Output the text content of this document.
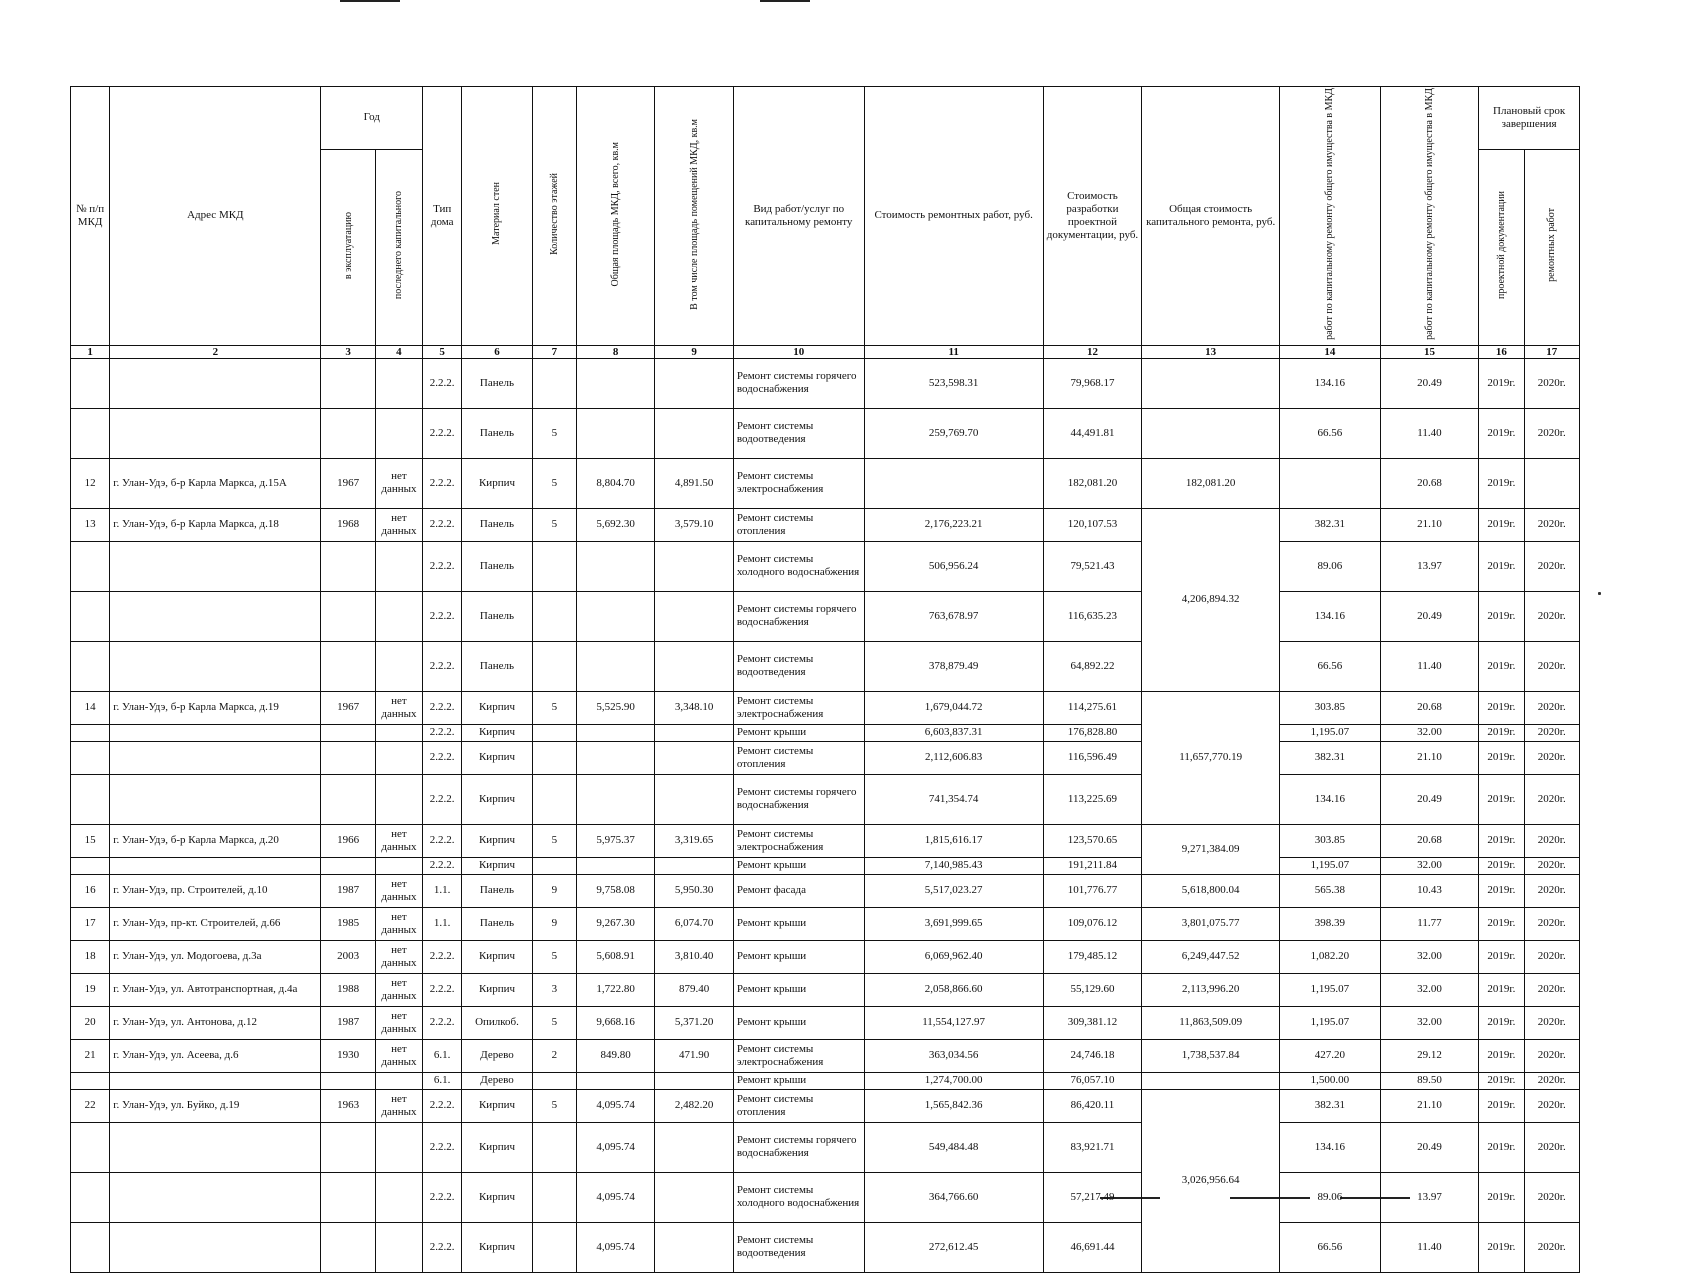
№ п/п МКД	Адрес МКД	Год		Тип дома	Материал стен	Количество этажей	Общая площадь МКД, всего, кв.м	В том числе площадь помещений МКД, кв.м	Вид работ/услуг по капитальному ремонту	Стоимость ремонтных работ, руб.	Стоимость разработки проектной документации, руб.	Общая стоимость капитального ремонта, руб.	работ по капитальному ремонту общего имущества в МКД	работ по капитальному ремонту общего имущества в МКД	Плановый срок завершения	
		в эксплуатацию	последнего капитального												проектной документации	ремонтных работ
1	2	3	4	5	6	7	8	9	10	11	12	13	14	15	16	17
				2.2.2.	Панель				Ремонт системы горячего водоснабжения	523,598.31	79,968.17		134.16	20.49	2019г.	2020г.
				2.2.2.	Панель	5			Ремонт системы водоотведения	259,769.70	44,491.81		66.56	11.40	2019г.	2020г.
12	г. Улан-Удэ, б-р Карла Маркса, д.15А	1967	нет данных	2.2.2.	Кирпич	5	8,804.70	4,891.50	Ремонт системы электроснабжения		182,081.20	182,081.20		20.68	2019г.	
13	г. Улан-Удэ, б-р Карла Маркса, д.18	1968	нет данных	2.2.2.	Панель	5	5,692.30	3,579.10	Ремонт системы отопления	2,176,223.21	120,107.53	4,206,894.32	382.31	21.10	2019г.	2020г.
				2.2.2.	Панель				Ремонт системы холодного водоснабжения	506,956.24	79,521.43		89.06	13.97	2019г.	2020г.
				2.2.2.	Панель				Ремонт системы горячего водоснабжения	763,678.97	116,635.23		134.16	20.49	2019г.	2020г.
				2.2.2.	Панель				Ремонт системы водоотведения	378,879.49	64,892.22		66.56	11.40	2019г.	2020г.
14	г. Улан-Удэ, б-р Карла Маркса, д.19	1967	нет данных	2.2.2.	Кирпич	5	5,525.90	3,348.10	Ремонт системы электроснабжения	1,679,044.72	114,275.61	11,657,770.19	303.85	20.68	2019г.	2020г.
				2.2.2.	Кирпич				Ремонт крыши	6,603,837.31	176,828.80		1,195.07	32.00	2019г.	2020г.
				2.2.2.	Кирпич				Ремонт системы отопления	2,112,606.83	116,596.49		382.31	21.10	2019г.	2020г.
				2.2.2.	Кирпич				Ремонт системы горячего водоснабжения	741,354.74	113,225.69		134.16	20.49	2019г.	2020г.
15	г. Улан-Удэ, б-р Карла Маркса, д.20	1966	нет данных	2.2.2.	Кирпич	5	5,975.37	3,319.65	Ремонт системы электроснабжения	1,815,616.17	123,570.65	9,271,384.09	303.85	20.68	2019г.	2020г.
				2.2.2.	Кирпич				Ремонт крыши	7,140,985.43	191,211.84		1,195.07	32.00	2019г.	2020г.
16	г. Улан-Удэ, пр. Строителей, д.10	1987	нет данных	1.1.	Панель	9	9,758.08	5,950.30	Ремонт фасада	5,517,023.27	101,776.77	5,618,800.04	565.38	10.43	2019г.	2020г.
17	г. Улан-Удэ, пр-кт. Строителей, д.66	1985	нет данных	1.1.	Панель	9	9,267.30	6,074.70	Ремонт крыши	3,691,999.65	109,076.12	3,801,075.77	398.39	11.77	2019г.	2020г.
18	г. Улан-Удэ, ул. Модогоева, д.3а	2003	нет данных	2.2.2.	Кирпич	5	5,608.91	3,810.40	Ремонт крыши	6,069,962.40	179,485.12	6,249,447.52	1,082.20	32.00	2019г.	2020г.
19	г. Улан-Удэ, ул. Автотранспортная, д.4а	1988	нет данных	2.2.2.	Кирпич	3	1,722.80	879.40	Ремонт крыши	2,058,866.60	55,129.60	2,113,996.20	1,195.07	32.00	2019г.	2020г.
20	г. Улан-Удэ, ул. Антонова, д.12	1987	нет данных	2.2.2.	Опилкоб.	5	9,668.16	5,371.20	Ремонт крыши	11,554,127.97	309,381.12	11,863,509.09	1,195.07	32.00	2019г.	2020г.
21	г. Улан-Удэ, ул. Асеева, д.6	1930	нет данных	6.1.	Дерево	2	849.80	471.90	Ремонт системы электроснабжения	363,034.56	24,746.18	1,738,537.84	427.20	29.12	2019г.	2020г.
				6.1.	Дерево				Ремонт крыши	1,274,700.00	76,057.10		1,500.00	89.50	2019г.	2020г.
22	г. Улан-Удэ, ул. Буйко, д.19	1963	нет данных	2.2.2.	Кирпич	5	4,095.74	2,482.20	Ремонт системы отопления	1,565,842.36	86,420.11	3,026,956.64	382.31	21.10	2019г.	2020г.
				2.2.2.	Кирпич		4,095.74		Ремонт системы горячего водоснабжения	549,484.48	83,921.71		134.16	20.49	2019г.	2020г.
				2.2.2.	Кирпич		4,095.74		Ремонт системы холодного водоснабжения	364,766.60	57,217.49		89.06	13.97	2019г.	2020г.
				2.2.2.	Кирпич		4,095.74		Ремонт системы водоотведения	272,612.45	46,691.44		66.56	11.40	2019г.	2020г.
